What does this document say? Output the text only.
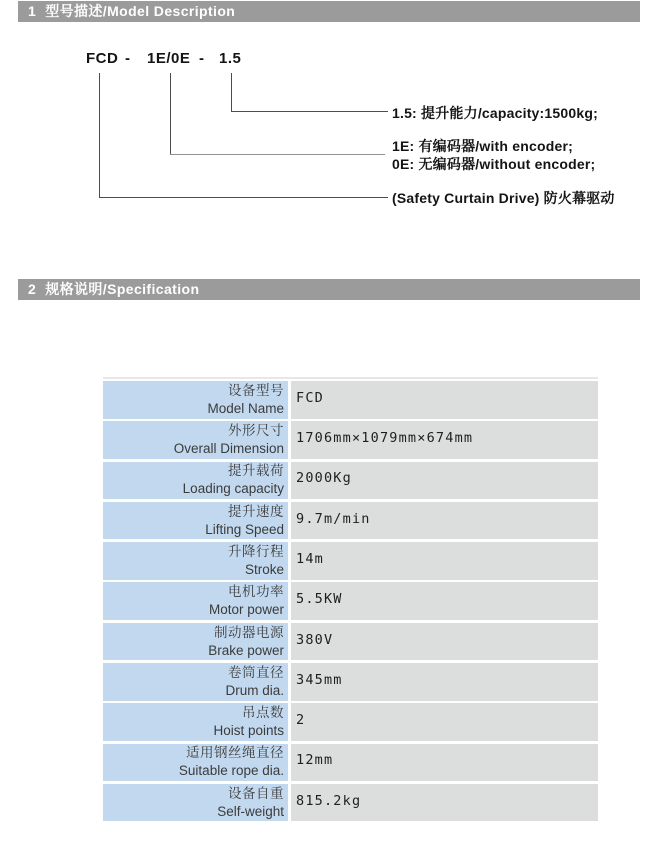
1 型号描述/Model Description
FCD - 1E/0E - 1.5
1.5: 提升能力/capacity:1500kg;
1E: 有编码器/with encoder;
0E: 无编码器/without encoder;
(Safety Curtain Drive) 防火幕驱动
2 规格说明/Specification
设备型号
Model Name
FCD
外形尺寸
Overall Dimension
1706mm×1079mm×674mm
提升载荷
Loading capacity
2000Kg
提升速度
Lifting Speed
9.7m/min
升降行程
Stroke
14m
电机功率
Motor power
5.5KW
制动器电源
Brake power
380V
卷筒直径
Drum dia.
345mm
吊点数
Hoist points
2
适用钢丝绳直径
Suitable rope dia.
12mm
设备自重
Self-weight
815.2kg
